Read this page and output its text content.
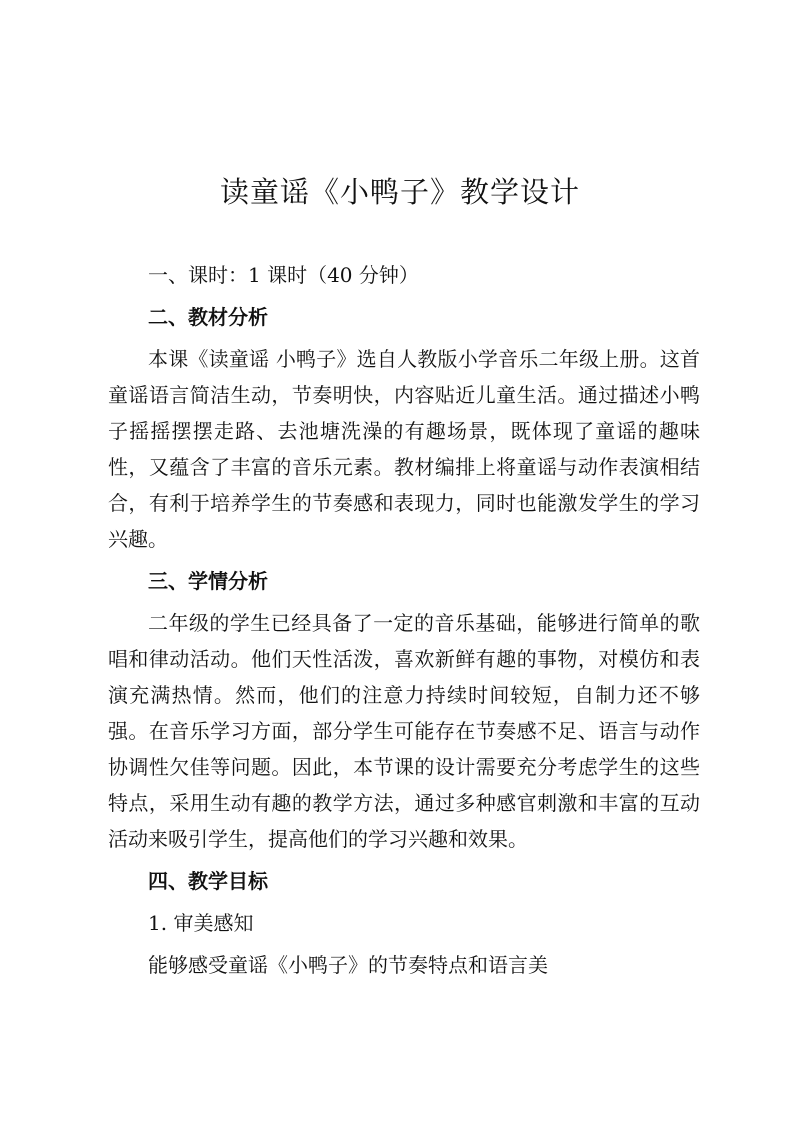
读童谣《小鸭子》教学设计

一、课时：1 课时（40 分钟）

二、教材分析

本课《读童谣 小鸭子》选自人教版小学音乐二年级上册。这首童谣语言简洁生动，节奏明快，内容贴近儿童生活。通过描述小鸭子摇摇摆摆走路、去池塘洗澡的有趣场景，既体现了童谣的趣味性，又蕴含了丰富的音乐元素。教材编排上将童谣与动作表演相结合，有利于培养学生的节奏感和表现力，同时也能激发学生的学习兴趣。

三、学情分析

二年级的学生已经具备了一定的音乐基础，能够进行简单的歌唱和律动活动。他们天性活泼，喜欢新鲜有趣的事物，对模仿和表演充满热情。然而，他们的注意力持续时间较短，自制力还不够强。在音乐学习方面，部分学生可能存在节奏感不足、语言与动作协调性欠佳等问题。因此，本节课的设计需要充分考虑学生的这些特点，采用生动有趣的教学方法，通过多种感官刺激和丰富的互动活动来吸引学生，提高他们的学习兴趣和效果。

四、教学目标

1. 审美感知

能够感受童谣《小鸭子》的节奏特点和语言美
